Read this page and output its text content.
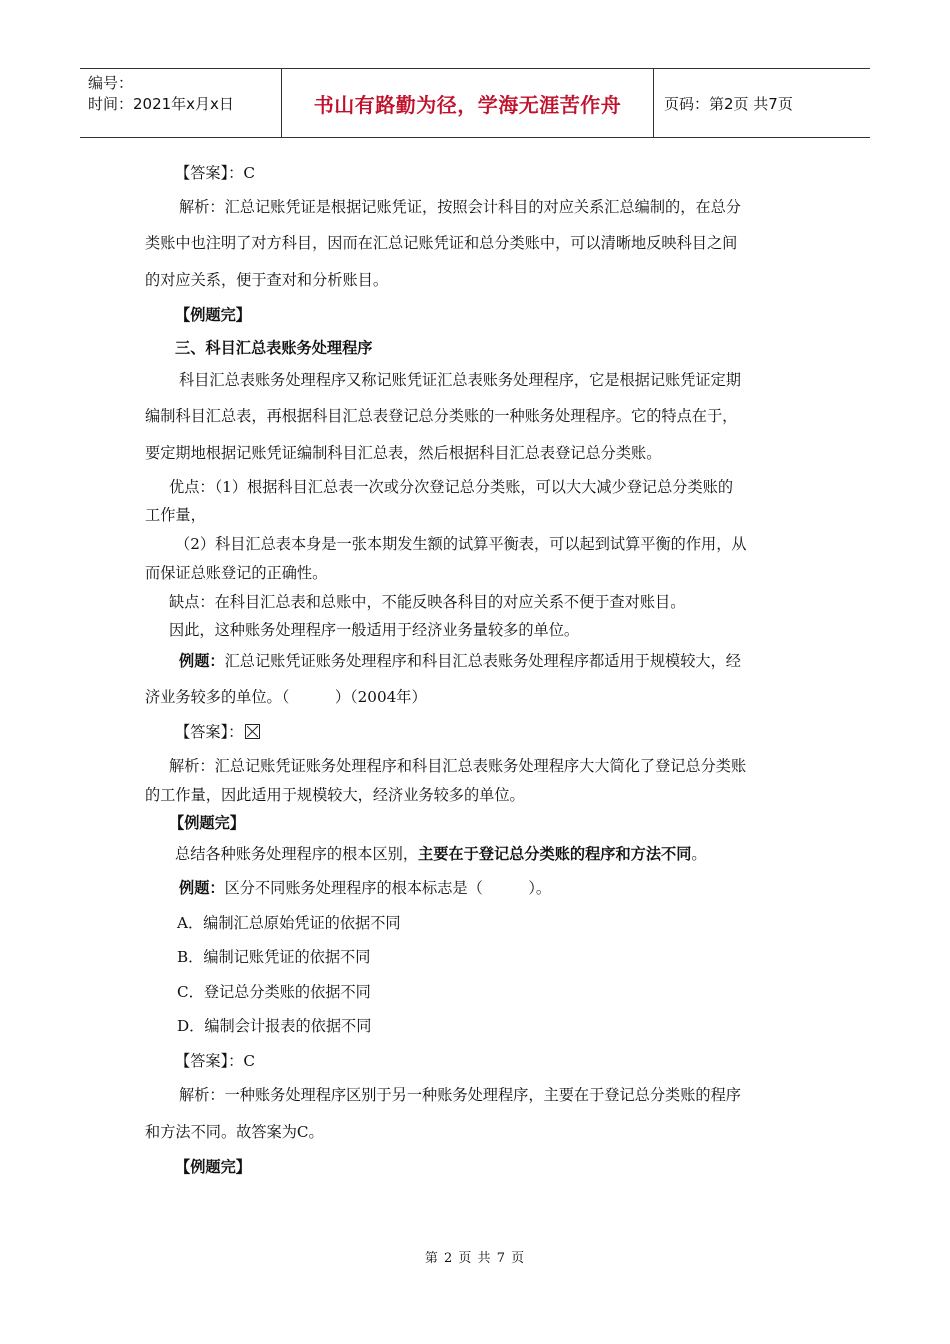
编号：
时间：2021年x月x日	书山有路勤为径，学海无涯苦作舟	页码：第2页 共7页
【答案】：C
解析：汇总记账凭证是根据记账凭证，按照会计科目的对应关系汇总编制的，在总分
类账中也注明了对方科目，因而在汇总记账凭证和总分类账中，可以清晰地反映科目之间
的对应关系，便于查对和分析账目。
【例题完】
三、科目汇总表账务处理程序
科目汇总表账务处理程序又称记账凭证汇总表账务处理程序，它是根据记账凭证定期
编制科目汇总表，再根据科目汇总表登记总分类账的一种账务处理程序。它的特点在于，
要定期地根据记账凭证编制科目汇总表，然后根据科目汇总表登记总分类账。
优点：（1）根据科目汇总表一次或分次登记总分类账，可以大大减少登记总分类账的
工作量，
（2）科目汇总表本身是一张本期发生额的试算平衡表，可以起到试算平衡的作用，从
而保证总账登记的正确性。
缺点：在科目汇总表和总账中，不能反映各科目的对应关系不便于查对账目。
因此，这种账务处理程序一般适用于经济业务量较多的单位。
例题：汇总记账凭证账务处理程序和科目汇总表账务处理程序都适用于规模较大，经
济业务较多的单位。（　　　）（2004年）
【答案】：
解析：汇总记账凭证账务处理程序和科目汇总表账务处理程序大大简化了登记总分类账
的工作量，因此适用于规模较大，经济业务较多的单位。
【例题完】
总结各种账务处理程序的根本区别，主要在于登记总分类账的程序和方法不同。
例题：区分不同账务处理程序的根本标志是（　　　）。
A．编制汇总原始凭证的依据不同
B．编制记账凭证的依据不同
C．登记总分类账的依据不同
D．编制会计报表的依据不同
【答案】：C
解析：一种账务处理程序区别于另一种账务处理程序，主要在于登记总分类账的程序
和方法不同。故答案为C。
【例题完】
第 2 页 共 7 页
